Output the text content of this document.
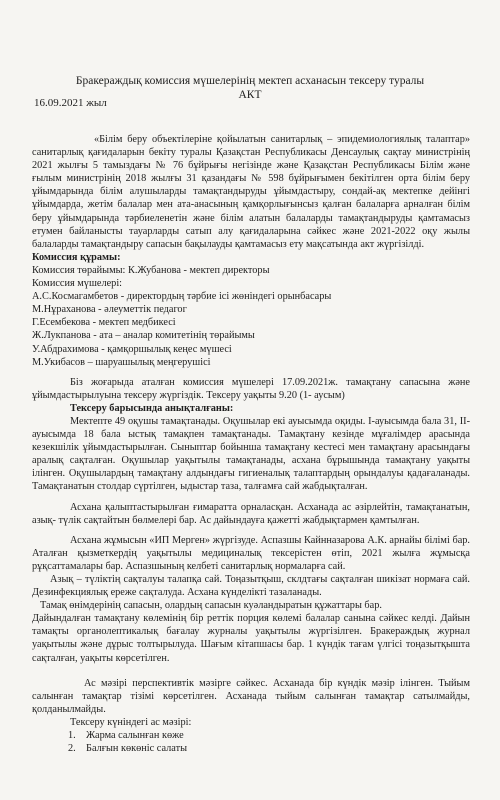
Бракераждық комиссия мүшелерінің мектеп асханасын тексеру туралы
АКТ
16.09.2021 жыл

«Білім беру объектілеріне қойылатын санитарлық – эпидемиологиялық талаптар» санитарлық қағидаларын бекіту туралы Қазақстан Республикасы Денсаулық сақтау министрінің 2021 жылғы 5 тамыздағы № 76 бұйрығы негізінде және Қазақстан Республикасы Білім және ғылым министрінің 2018 жылғы 31 қазандағы № 598 бұйрығымен бекітілген орта білім беру ұйымдарында білім алушыларды тамақтандыруды ұйымдастыру, сондай-ақ мектепке дейінгі ұйымдарда, жетім балалар мен ата-анасының қамқорлығынсыз қалған балаларға арналған білім беру ұйымдарында тәрбиеленетін және білім алатын балаларды тамақтандыруды қамтамасыз етумен байланысты тауарларды сатып алу қағидаларына сәйкес және 2021-2022 оқу жылы балаларды тамақтандыру сапасын бақылауды қамтамасыз ету мақсатында акт жүргізілді.

Комиссия құрамы:
Комиссия төрайымы: К.Жубанова - мектеп директоры
Комиссия мүшелері:
А.С.Космагамбетов - директордың тәрбие ісі жөніндегі орынбасары
М.Нұраханова - әлеуметтік педагог
Г.Есембекова - мектеп медбикесі
Ж.Лукпанова - ата – аналар комитетінің төрайымы
У.Абдрахимова - қамқоршылық кеңес мүшесі
М.Укибасов – шаруашылық меңгерушісі

Біз жоғарыда аталған комиссия мүшелері 17.09.2021ж. тамақтану сапасына және ұйымдастырылуына тексеру жүргіздік. Тексеру уақыты 9.20 (1- аусым)

Тексеру барысында анықталғаны:

Мектепте 49 оқушы тамақтанады. Оқушылар екі ауысымда оқиды. І-ауысымда бала 31, ІІ-ауысымда 18 бала ыстық тамақпен тамақтанады. Тамақтану кезінде мұғалімдер арасында кезекшілік ұйымдастырылған. Сыныптар бойынша тамақтану кестесі мен тамақтану арасындағы аралық сақталған. Оқушылар уақытылы тамақтанады, асхана бұрышында тамақтану уақыты ілінген. Оқушылардың тамақтану алдындағы гигиеналық талаптардың орындалуы қадағаланады. Тамақтанатын столдар сүртілген, ыдыстар таза, талғамға сай жабдықталған.

Асхана қалыптастырылған ғимаратта орналасқан. Асханада ас әзірлейтін, тамақтанатын, азық- түлік сақтайтын бөлмелері бар. Ас дайындауға қажетті жабдықтармен қамтылған.

Асхана жұмысын «ИП Мерген» жүргізуде. Аспазшы Кайнназарова А.К. арнайы білімі бар. Аталған қызметкердің уақытылы медициналық тексерістен өтіп, 2021 жылға жұмысқа рұқсаттамалары бар. Аспазшының келбеті санитарлық нормаларға сай.

Азық – түліктің сақталуы талапқа сай. Тоңазытқыш, склдтағы сақталған шикізат нормаға сай. Дезинфекциялық ереже сақталуда. Асхана күнделікті тазаланады.

Тамақ өнімдерінің сапасын, олардың сапасын куәландыратын құжаттары бар.

Дайындалған тамақтану көлемінің бір реттік порция көлемі балалар санына сәйкес келді. Дайын тамақты органолептикалық бағалау журналы уақытылы жүргізілген. Бракераждық журнал уақытылы және дұрыс толтырылуда. Шағым кітапшасы бар. 1 күндік тағам үлгісі тоңазытқышта сақталған, уақыты көрсетілген.

Ас мәзірі перспективтік мәзірге сәйкес. Асханада бір күндік мәзір ілінген. Тыйым салынған тамақтар тізімі көрсетілген. Асханада тыйым салынған тамақтар сатылмайды, қолданылмайды.

Тексеру күніндегі ас мәзірі:
1. Жарма салынған көже
2. Балғын көкөніс салаты
